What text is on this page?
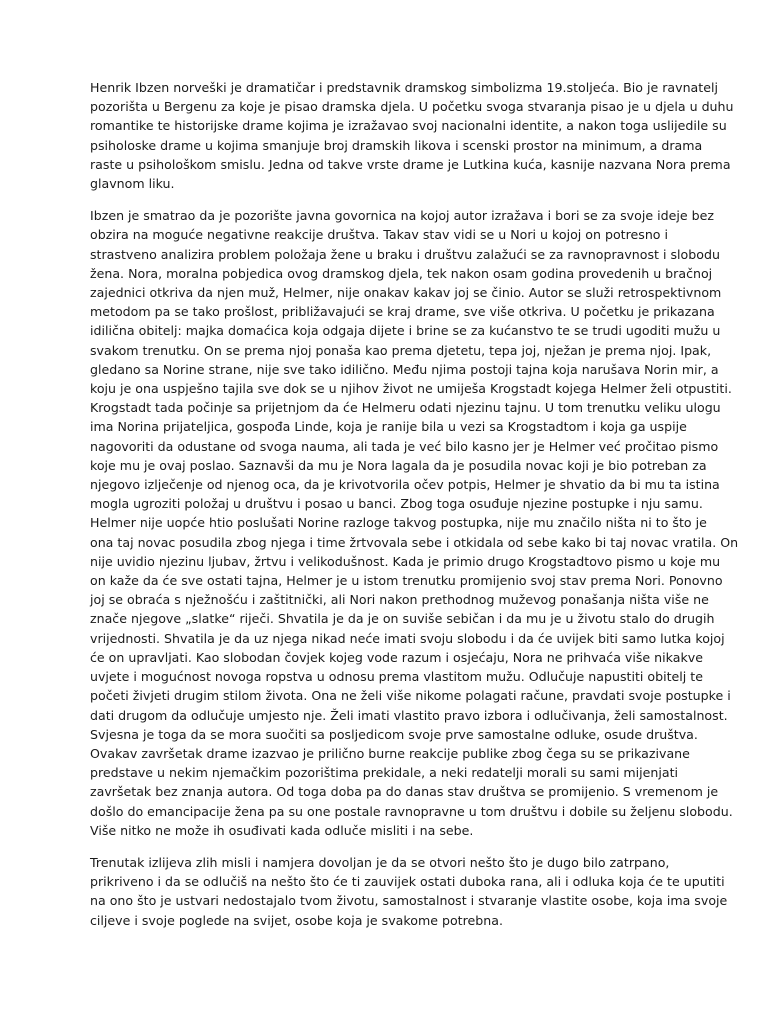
Henrik Ibzen norveški je dramatičar i predstavnik dramskog simbolizma 19.stoljeća. Bio je ravnatelj
pozorišta u Bergenu za koje je pisao dramska djela. U početku svoga stvaranja pisao je u djela u duhu
romantike te historijske drame kojima je izražavao svoj nacionalni identite, a nakon toga uslijedile su
psiholoske drame u kojima smanjuje broj dramskih likova i scenski prostor na minimum, a drama
raste u psihološkom smislu. Jedna od takve vrste drame je Lutkina kuća, kasnije nazvana Nora prema
glavnom liku.

Ibzen je smatrao da je pozorište javna govornica na kojoj autor izražava i bori se za svoje ideje bez
obzira na moguće negativne reakcije društva. Takav stav vidi se u Nori u kojoj on potresno i
strastveno analizira problem položaja žene u braku i društvu zalažući se za ravnopravnost i slobodu
žena. Nora, moralna pobjedica ovog dramskog djela, tek nakon osam godina provedenih u bračnoj
zajednici otkriva da njen muž, Helmer, nije onakav kakav joj se činio. Autor se služi retrospektivnom
metodom pa se tako prošlost, približavajući se kraj drame, sve više otkriva. U početku je prikazana
idilična obitelj: majka domaćica koja odgaja dijete i brine se za kućanstvo te se trudi ugoditi mužu u
svakom trenutku. On se prema njoj ponaša kao prema djetetu, tepa joj, nježan je prema njoj. Ipak,
gledano sa Norine strane, nije sve tako idilično. Među njima postoji tajna koja narušava Norin mir, a
koju je ona uspješno tajila sve dok se u njihov život ne umiješa Krogstadt kojega Helmer želi otpustiti.
Krogstadt tada počinje sa prijetnjom da će Helmeru odati njezinu tajnu. U tom trenutku veliku ulogu
ima Norina prijateljica, gospođa Linde, koja je ranije bila u vezi sa Krogstadtom i koja ga uspije
nagovoriti da odustane od svoga nauma, ali tada je već bilo kasno jer je Helmer već pročitao pismo
koje mu je ovaj poslao. Saznavši da mu je Nora lagala da je posudila novac koji je bio potreban za
njegovo izlječenje od njenog oca, da je krivotvorila očev potpis, Helmer je shvatio da bi mu ta istina
mogla ugroziti položaj u društvu i posao u banci. Zbog toga osuđuje njezine postupke i nju samu.
Helmer nije uopće htio poslušati Norine razloge takvog postupka, nije mu značilo ništa ni to što je
ona taj novac posudila zbog njega i time žrtvovala sebe i otkidala od sebe kako bi taj novac vratila. On
nije uvidio njezinu ljubav, žrtvu i velikodušnost. Kada je primio drugo Krogstadtovo pismo u koje mu
on kaže da će sve ostati tajna, Helmer je u istom trenutku promijenio svoj stav prema Nori. Ponovno
joj se obraća s nježnošću i zaštitnički, ali Nori nakon prethodnog muževog ponašanja ništa više ne
znače njegove „slatke“ riječi. Shvatila je da je on suviše sebičan i da mu je u životu stalo do drugih
vrijednosti. Shvatila je da uz njega nikad neće imati svoju slobodu i da će uvijek biti samo lutka kojoj
će on upravljati. Kao slobodan čovjek kojeg vode razum i osjećaju, Nora ne prihvaća više nikakve
uvjete i mogućnost novoga ropstva u odnosu prema vlastitom mužu. Odlučuje napustiti obitelj te
početi živjeti drugim stilom života. Ona ne želi više nikome polagati račune, pravdati svoje postupke i
dati drugom da odlučuje umjesto nje. Želi imati vlastito pravo izbora i odlučivanja, želi samostalnost.
Svjesna je toga da se mora suočiti sa posljedicom svoje prve samostalne odluke, osude društva.
Ovakav završetak drame izazvao je prilično burne reakcije publike zbog čega su se prikazivane
predstave u nekim njemačkim pozorištima prekidale, a neki redatelji morali su sami mijenjati
završetak bez znanja autora. Od toga doba pa do danas stav društva se promijenio. S vremenom je
došlo do emancipacije žena pa su one postale ravnopravne u tom društvu i dobile su željenu slobodu.
Više nitko ne može ih osuđivati kada odluče misliti i na sebe.

Trenutak izlijeva zlih misli i namjera dovoljan je da se otvori nešto što je dugo bilo zatrpano,
prikriveno i da se odlučiš na nešto što će ti zauvijek ostati duboka rana, ali i odluka koja će te uputiti
na ono što je ustvari nedostajalo tvom životu, samostalnost i stvaranje vlastite osobe, koja ima svoje
ciljeve i svoje poglede na svijet, osobe koja je svakome potrebna.
